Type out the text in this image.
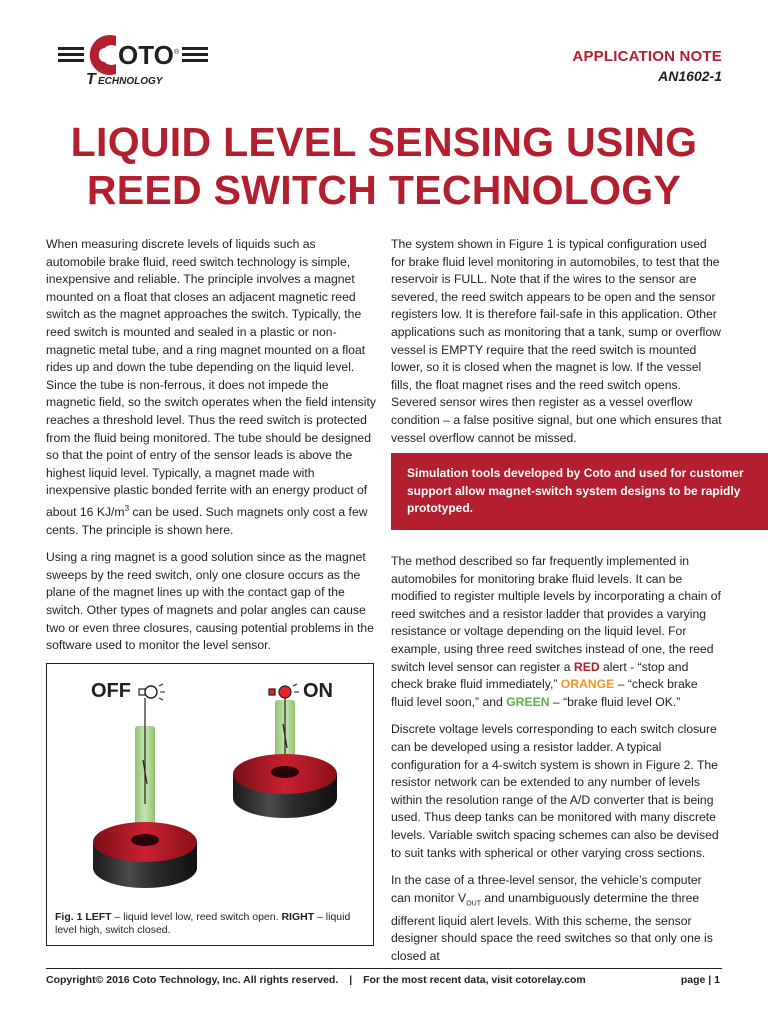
C OTO ®
T ECHNOLOGY
APPLICATION NOTE
AN1602-1
LIQUID LEVEL SENSING USING
REED SWITCH TECHNOLOGY

When measuring discrete levels of liquids such as automobile brake fluid, reed switch technology is simple, inexpensive and reliable. The principle involves a magnet mounted on a float that closes an adjacent magnetic reed switch as the magnet approaches the switch. Typically, the reed switch is mounted and sealed in a plastic or non-magnetic metal tube, and a ring magnet mounted on a float rides up and down the tube depending on the liquid level. Since the tube is non-ferrous, it does not impede the magnetic field, so the switch operates when the field intensity reaches a threshold level. Thus the reed switch is protected from the fluid being monitored. The tube should be designed so that the point of entry of the sensor leads is above the highest liquid level. Typically, a magnet made with inexpensive plastic bonded ferrite with an energy product of about 16 $KJ/m^3$ can be used. Such magnets only cost a few cents. The principle is shown here.

Using a ring magnet is a good solution since as the magnet sweeps by the reed switch, only one closure occurs as the plane of the magnet lines up with the contact gap of the switch. Other types of magnets and polar angles can cause two or even three closures, causing potential problems in the software used to monitor the level sensor.

The system shown in Figure 1 is typical configuration used for brake fluid level monitoring in automobiles, to test that the reservoir is FULL. Note that if the wires to the sensor are severed, the reed switch appears to be open and the sensor registers low. It is therefore fail-safe in this application. Other applications such as monitoring that a tank, sump or overflow vessel is EMPTY require that the reed switch is mounted lower, so it is closed when the magnet is low. If the vessel fills, the float magnet rises and the reed switch opens. Severed sensor wires then register as a vessel overflow condition – a false positive signal, but one which ensures that vessel overflow cannot be missed.

Simulation tools developed by Coto and used for customer support allow magnet-switch system designs to be rapidly prototyped.

The method described so far frequently implemented in automobiles for monitoring brake fluid levels. It can be modified to register multiple levels by incorporating a chain of reed switches and a resistor ladder that provides a varying resistance or voltage depending on the liquid level. For example, using three reed switches instead of one, the reed switch level sensor can register a RED alert - “stop and check brake fluid immediately,” ORANGE – “check brake fluid level soon,” and GREEN – “brake fluid level OK.”

Discrete voltage levels corresponding to each switch closure can be developed using a resistor ladder. A typical configuration for a 4-switch system is shown in Figure 2. The resistor network can be extended to any number of levels within the resolution range of the A/D converter that is being used. Thus deep tanks can be monitored with many discrete levels. Variable switch spacing schemes can also be devised to suit tanks with spherical or other varying cross sections.

In the case of a three-level sensor, the vehicle’s computer can monitor $V_{OUT}$ and unambiguously determine the three different liquid alert levels. With this scheme, the sensor designer should space the reed switches so that only one is closed at

OFF	ON
Fig. 1 LEFT – liquid level low, reed switch open. RIGHT – liquid level high, switch closed.
Copyright© 2016 Coto Technology, Inc. All rights reserved. | For the most recent data, visit cotorelay.com	page | 1
